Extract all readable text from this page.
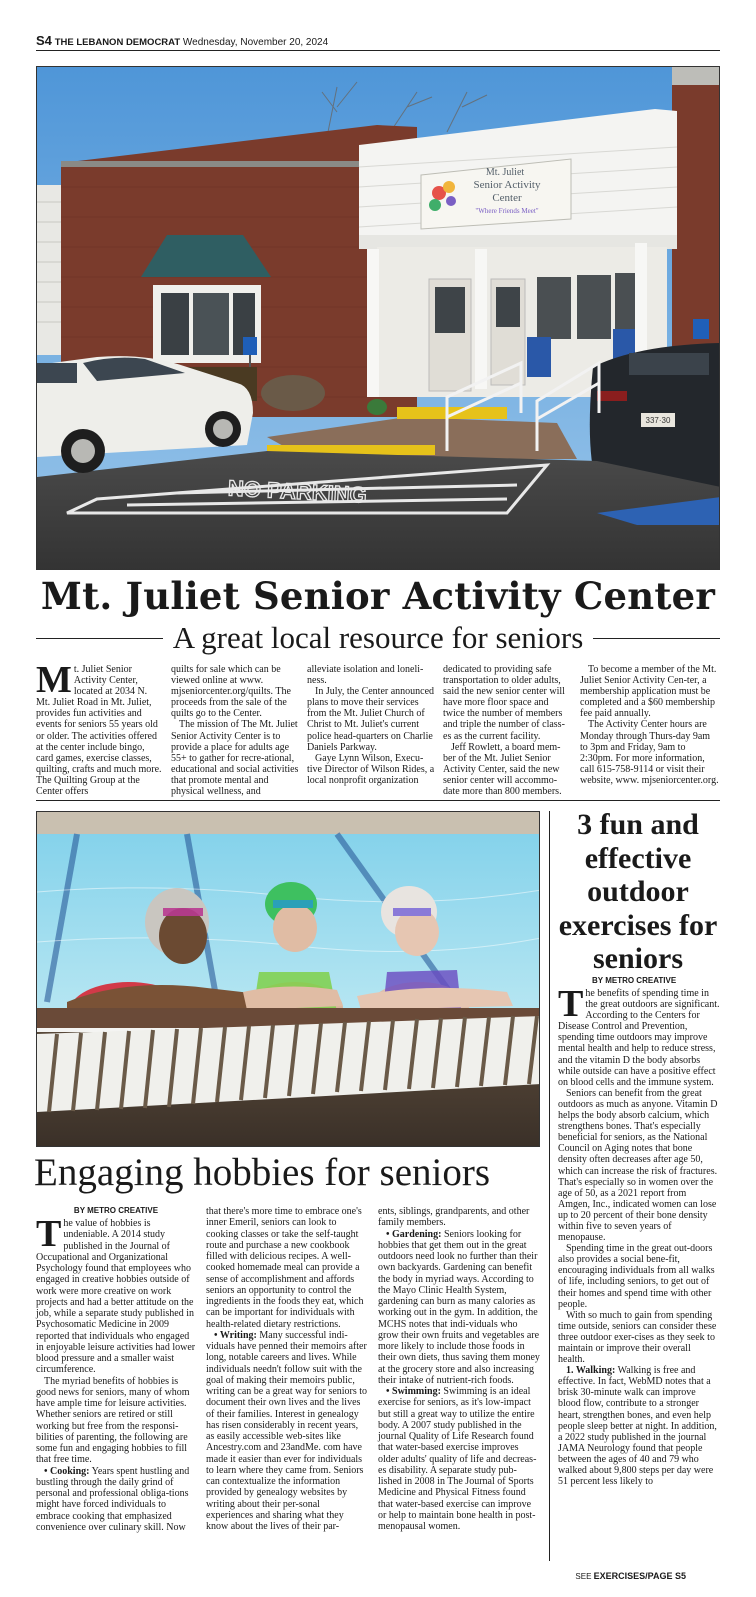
S4 THE LEBANON DEMOCRAT Wednesday, November 20, 2024
Mt. Juliet
Senior Activity
Center
"Where Friends Meet"
337·30
NO PARKING
Mt. Juliet Senior Activity Center
A great local resource for seniors

Mt. Juliet Senior Activity Center, located at 2034 N. Mt. Juliet Road in Mt. Juliet, provides fun activities and events for seniors 55 years old or older. The activities offered at the center include bingo, card games, exercise classes, quilting, crafts and much more. The Quilting Group at the Center offers

quilts for sale which can be viewed online at www. mjseniorcenter.org/quilts. The proceeds from the sale of the quilts go to the Center.

The mission of The Mt. Juliet Senior Activity Center is to provide a place for adults age 55+ to gather for recre-ational, educational and social activities that promote mental and physical wellness, and

alleviate isolation and loneli-ness.

In July, the Center announced plans to move their services from the Mt. Juliet Church of Christ to Mt. Juliet's current police head-quarters on Charlie Daniels Parkway.

Gaye Lynn Wilson, Execu-tive Director of Wilson Rides, a local nonprofit organization

dedicated to providing safe transportation to older adults, said the new senior center will have more floor space and twice the number of members and triple the number of class-es as the current facility.

Jeff Rowlett, a board mem-ber of the Mt. Juliet Senior Activity Center, said the new senior center will accommo-date more than 800 members.

To become a member of the Mt. Juliet Senior Activity Cen-ter, a membership application must be completed and a $60 membership fee paid annually.

The Activity Center hours are Monday through Thurs-day 9am to 3pm and Friday, 9am to 2:30pm. For more information, call 615-758-9114 or visit their website, www. mjseniorcenter.org.

Engaging hobbies for seniors
BY METRO CREATIVE

The value of hobbies is undeniable. A 2014 study published in the Journal of Occupational and Organizational Psychology found that employees who engaged in creative hobbies outside of work were more creative on work projects and had a better attitude on the job, while a separate study published in Psychosomatic Medicine in 2009 reported that individuals who engaged in enjoyable leisure activities had lower blood pressure and a smaller waist circumference.

The myriad benefits of hobbies is good news for seniors, many of whom have ample time for leisure activities. Whether seniors are retired or still working but free from the responsi-bilities of parenting, the following are some fun and engaging hobbies to fill that free time.

• Cooking: Years spent hustling and bustling through the daily grind of personal and professional obliga-tions might have forced individuals to embrace cooking that emphasized convenience over culinary skill. Now

that there's more time to embrace one's inner Emeril, seniors can look to cooking classes or take the self-taught route and purchase a new cookbook filled with delicious recipes. A well-cooked homemade meal can provide a sense of accomplishment and affords seniors an opportunity to control the ingredients in the foods they eat, which can be important for individuals with health-related dietary restrictions.

• Writing: Many successful indi-viduals have penned their memoirs after long, notable careers and lives. While individuals needn't follow suit with the goal of making their memoirs public, writing can be a great way for seniors to document their own lives and the lives of their families. Interest in genealogy has risen considerably in recent years, as easily accessible web-sites like Ancestry.com and 23andMe. com have made it easier than ever for individuals to learn where they came from. Seniors can contextualize the information provided by genealogy websites by writing about their per-sonal experiences and sharing what they know about the lives of their par-

ents, siblings, grandparents, and other family members.

• Gardening: Seniors looking for hobbies that get them out in the great outdoors need look no further than their own backyards. Gardening can benefit the body in myriad ways. According to the Mayo Clinic Health System, gardening can burn as many calories as working out in the gym. In addition, the MCHS notes that indi-viduals who grow their own fruits and vegetables are more likely to include those foods in their own diets, thus saving them money at the grocery store and also increasing their intake of nutrient-rich foods.

• Swimming: Swimming is an ideal exercise for seniors, as it's low-impact but still a great way to utilize the entire body. A 2007 study published in the journal Quality of Life Research found that water-based exercise improves older adults' quality of life and decreas-es disability. A separate study pub-lished in 2008 in The Journal of Sports Medicine and Physical Fitness found that water-based exercise can improve or help to maintain bone health in post-menopausal women.

3 fun and effective outdoor exercises for seniors
BY METRO CREATIVE

The benefits of spending time in the great outdoors are significant. According to the Centers for Disease Control and Prevention, spending time outdoors may improve mental health and help to reduce stress, and the vitamin D the body absorbs while outside can have a positive effect on blood cells and the immune system.

Seniors can benefit from the great outdoors as much as anyone. Vitamin D helps the body absorb calcium, which strengthens bones. That's especially beneficial for seniors, as the National Council on Aging notes that bone density often decreases after age 50, which can increase the risk of fractures. That's especially so in women over the age of 50, as a 2021 report from Amgen, Inc., indicated women can lose up to 20 percent of their bone density within five to seven years of menopause.

Spending time in the great out-doors also provides a social bene-fit, encouraging individuals from all walks of life, including seniors, to get out of their homes and spend time with other people.

With so much to gain from spending time outside, seniors can consider these three outdoor exer-cises as they seek to maintain or improve their overall health.

1. Walking: Walking is free and effective. In fact, WebMD notes that a brisk 30-minute walk can improve blood flow, contribute to a stronger heart, strengthen bones, and even help people sleep better at night. In addition, a 2022 study published in the journal JAMA Neurology found that people between the ages of 40 and 79 who walked about 9,800 steps per day were 51 percent less likely to

SEE EXERCISES/PAGE S5
